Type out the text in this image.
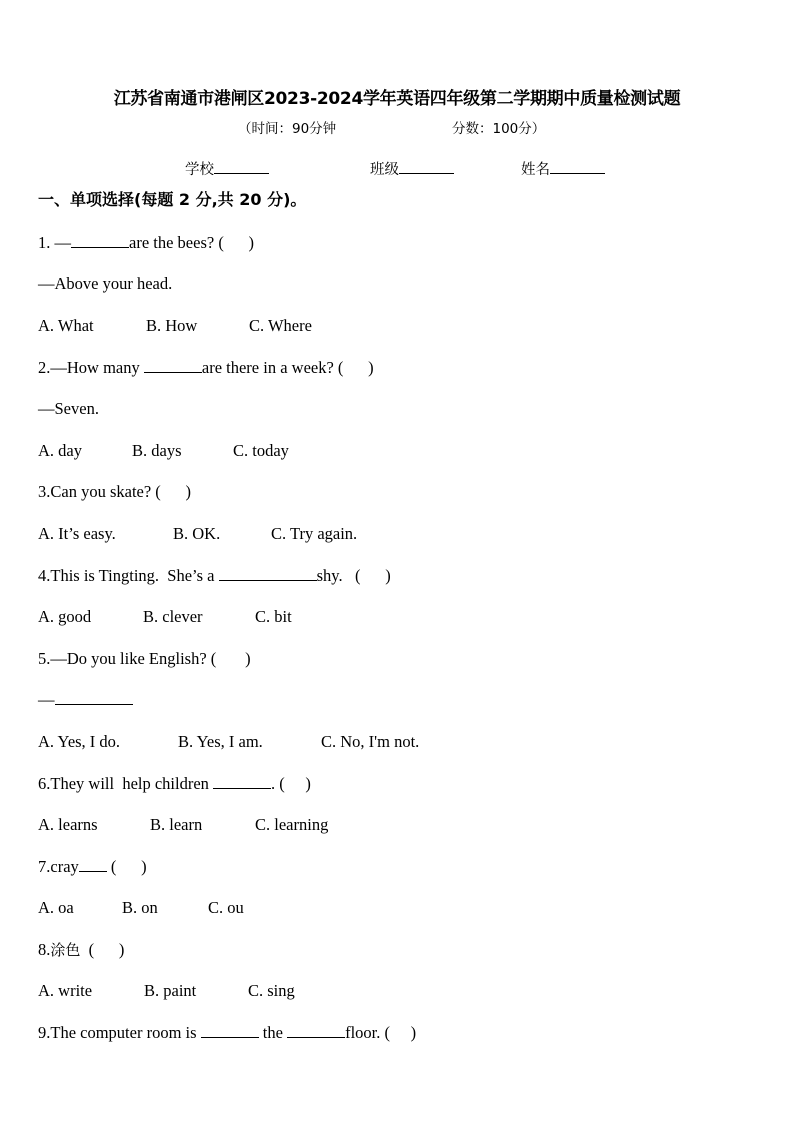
江苏省南通市港闸区2023-2024学年英语四年级第二学期期中质量检测试题
（时间：90分钟	分数：100分）
学校	班级	姓名
一、单项选择(每题 2 分,共 20 分)。
1. —	are the bees? (      )
—Above your head.
A. What	B. How	C. Where
2.—How many	are there in a week? (      )
—Seven.
A. day	B. days	C. today
3.Can you skate? (      )
A. It’s easy.	B. OK.	C. Try again.
4.This is Tingting.  She’s a	shy.   (      )
A. good	B. clever	C. bit
5.—Do you like English? (       )
—
A. Yes, I do.	B. Yes, I am.	C. No, I'm not.
6.They will  help children	. (     )
A. learns	B. learn	C. learning
7.cray (      )
A. oa	B. on	C. ou
8.涂色  (      )
A. write	B. paint	C. sing
9.The computer room is	the	floor. (     )
